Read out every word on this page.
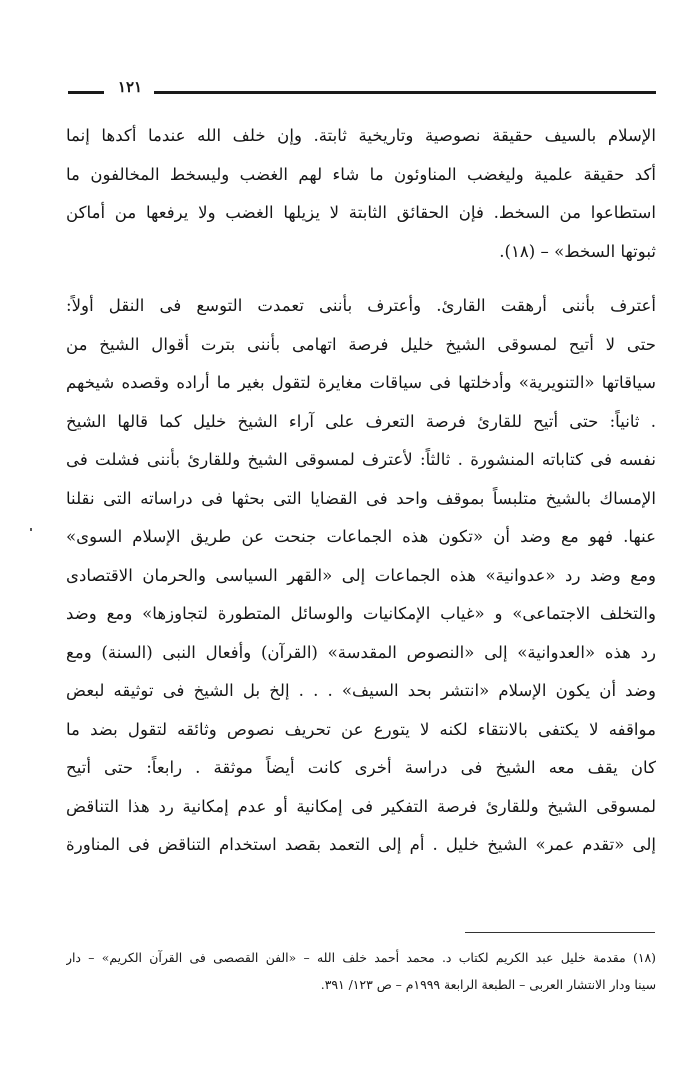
١٢١
الإسلام بالسيف حقيقة نصوصية وتاريخية ثابتة. وإن خلف الله عندما أكدها إنما
أكد حقيقة علمية وليغضب المناوئون ما شاء لهم الغضب وليسخط المخالفون ما
استطاعوا من السخط. فإن الحقائق الثابتة لا يزيلها الغضب ولا يرفعها من أماكن
ثبوتها السخط» – (١٨).
أعترف بأننى أرهقت القارئ. وأعترف بأننى تعمدت التوسع فى النقل أولاً:
حتى لا أتيح لمسوقى الشيخ خليل فرصة اتهامى بأننى بترت أقوال الشيخ من
سياقاتها «التنويرية» وأدخلتها فى سياقات مغايرة لتقول بغير ما أراده وقصده شيخهم
. ثانياً: حتى أتيح للقارئ فرصة التعرف على آراء الشيخ خليل كما قالها الشيخ
نفسه فى كتاباته المنشورة . ثالثاً: لأعترف لمسوقى الشيخ وللقارئ بأننى فشلت فى
الإمساك بالشيخ متلبساً بموقف واحد فى القضايا التى بحثها فى دراساته التى نقلنا
عنها. فهو مع وضد أن «تكون هذه الجماعات جنحت عن طريق الإسلام السوى»
ومع وضد رد «عدوانية» هذه الجماعات إلى «القهر السياسى والحرمان الاقتصادى
والتخلف الاجتماعى» و «غياب الإمكانيات والوسائل المتطورة لتجاوزها» ومع وضد
رد هذه «العدوانية» إلى «النصوص المقدسة» (القرآن) وأفعال النبى (السنة) ومع
وضد أن يكون الإسلام «انتشر بحد السيف» . . . إلخ بل الشيخ فى توثيقه لبعض
مواقفه لا يكتفى بالانتقاء لكنه لا يتورع عن تحريف نصوص وثائقه لتقول بضد ما
كان يقف معه الشيخ فى دراسة أخرى كانت أيضاً موثقة . رابعاً: حتى أتيح
لمسوقى الشيخ وللقارئ فرصة التفكير فى إمكانية أو عدم إمكانية رد هذا التناقض
إلى «تقدم عمر» الشيخ خليل . أم إلى التعمد بقصد استخدام التناقض فى المناورة
(١٨) مقدمة خليل عبد الكريم لكتاب د. محمد أحمد خلف الله – «الفن القصصى فى القرآن الكريم» – دار
سينا ودار الانتشار العربى – الطبعة الرابعة ١٩٩٩م – ص ١٢٣/ ٣٩١.
